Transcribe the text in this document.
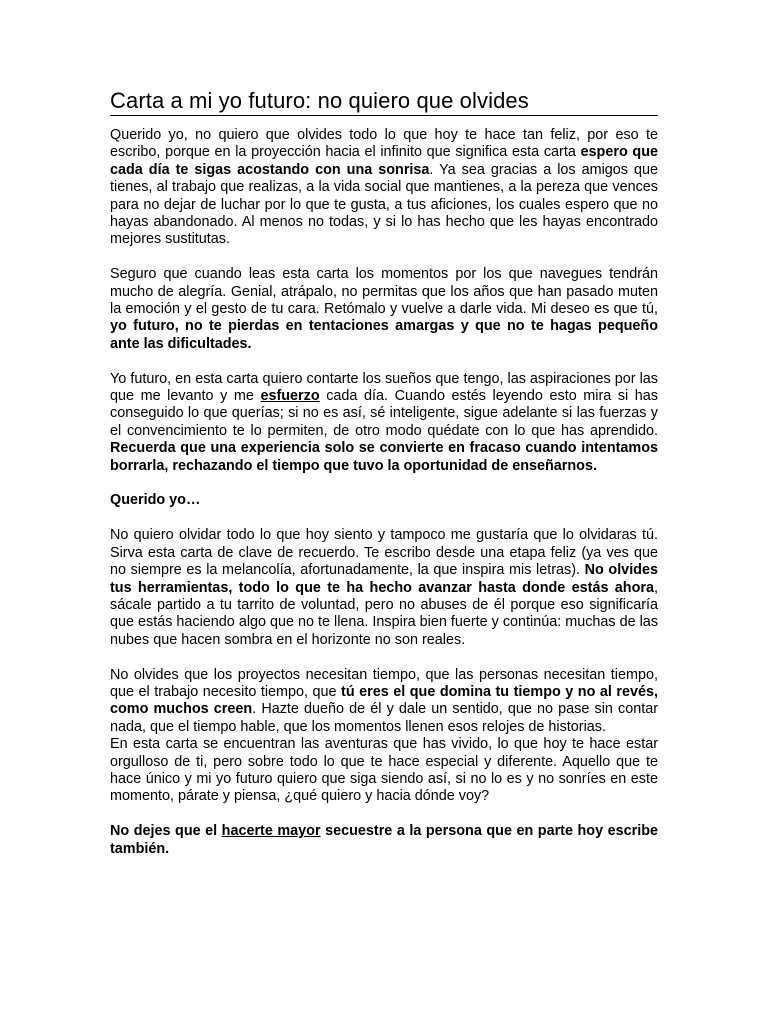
Carta a mi yo futuro: no quiero que olvides

Querido yo, no quiero que olvides todo lo que hoy te hace tan feliz, por eso te escribo, porque en la proyección hacia el infinito que significa esta carta espero que cada día te sigas acostando con una sonrisa. Ya sea gracias a los amigos que tienes, al trabajo que realizas, a la vida social que mantienes, a la pereza que vences para no dejar de luchar por lo que te gusta, a tus aficiones, los cuales espero que no hayas abandonado. Al menos no todas, y si lo has hecho que les hayas encontrado mejores sustitutas.

Seguro que cuando leas esta carta los momentos por los que navegues tendrán mucho de alegría. Genial, atrápalo, no permitas que los años que han pasado muten la emoción y el gesto de tu cara. Retómalo y vuelve a darle vida. Mi deseo es que tú, yo futuro, no te pierdas en tentaciones amargas y que no te hagas pequeño ante las dificultades.

Yo futuro, en esta carta quiero contarte los sueños que tengo, las aspiraciones por las que me levanto y me esfuerzo cada día. Cuando estés leyendo esto mira si has conseguido lo que querías; si no es así, sé inteligente, sigue adelante si las fuerzas y el convencimiento te lo permiten, de otro modo quédate con lo que has aprendido. Recuerda que una experiencia solo se convierte en fracaso cuando intentamos borrarla, rechazando el tiempo que tuvo la oportunidad de enseñarnos.

Querido yo…

No quiero olvidar todo lo que hoy siento y tampoco me gustaría que lo olvidaras tú. Sirva esta carta de clave de recuerdo. Te escribo desde una etapa feliz (ya ves que no siempre es la melancolía, afortunadamente, la que inspira mis letras). No olvides tus herramientas, todo lo que te ha hecho avanzar hasta donde estás ahora, sácale partido a tu tarrito de voluntad, pero no abuses de él porque eso significaría que estás haciendo algo que no te llena. Inspira bien fuerte y continúa: muchas de las nubes que hacen sombra en el horizonte no son reales.

No olvides que los proyectos necesitan tiempo, que las personas necesitan tiempo, que el trabajo necesito tiempo, que tú eres el que domina tu tiempo y no al revés, como muchos creen. Hazte dueño de él y dale un sentido, que no pase sin contar nada, que el tiempo hable, que los momentos llenen esos relojes de historias.

En esta carta se encuentran las aventuras que has vivido, lo que hoy te hace estar orgulloso de ti, pero sobre todo lo que te hace especial y diferente. Aquello que te hace único y mi yo futuro quiero que siga siendo así, si no lo es y no sonríes en este momento, párate y piensa, ¿qué quiero y hacia dónde voy?

No dejes que el hacerte mayor secuestre a la persona que en parte hoy escribe también.
